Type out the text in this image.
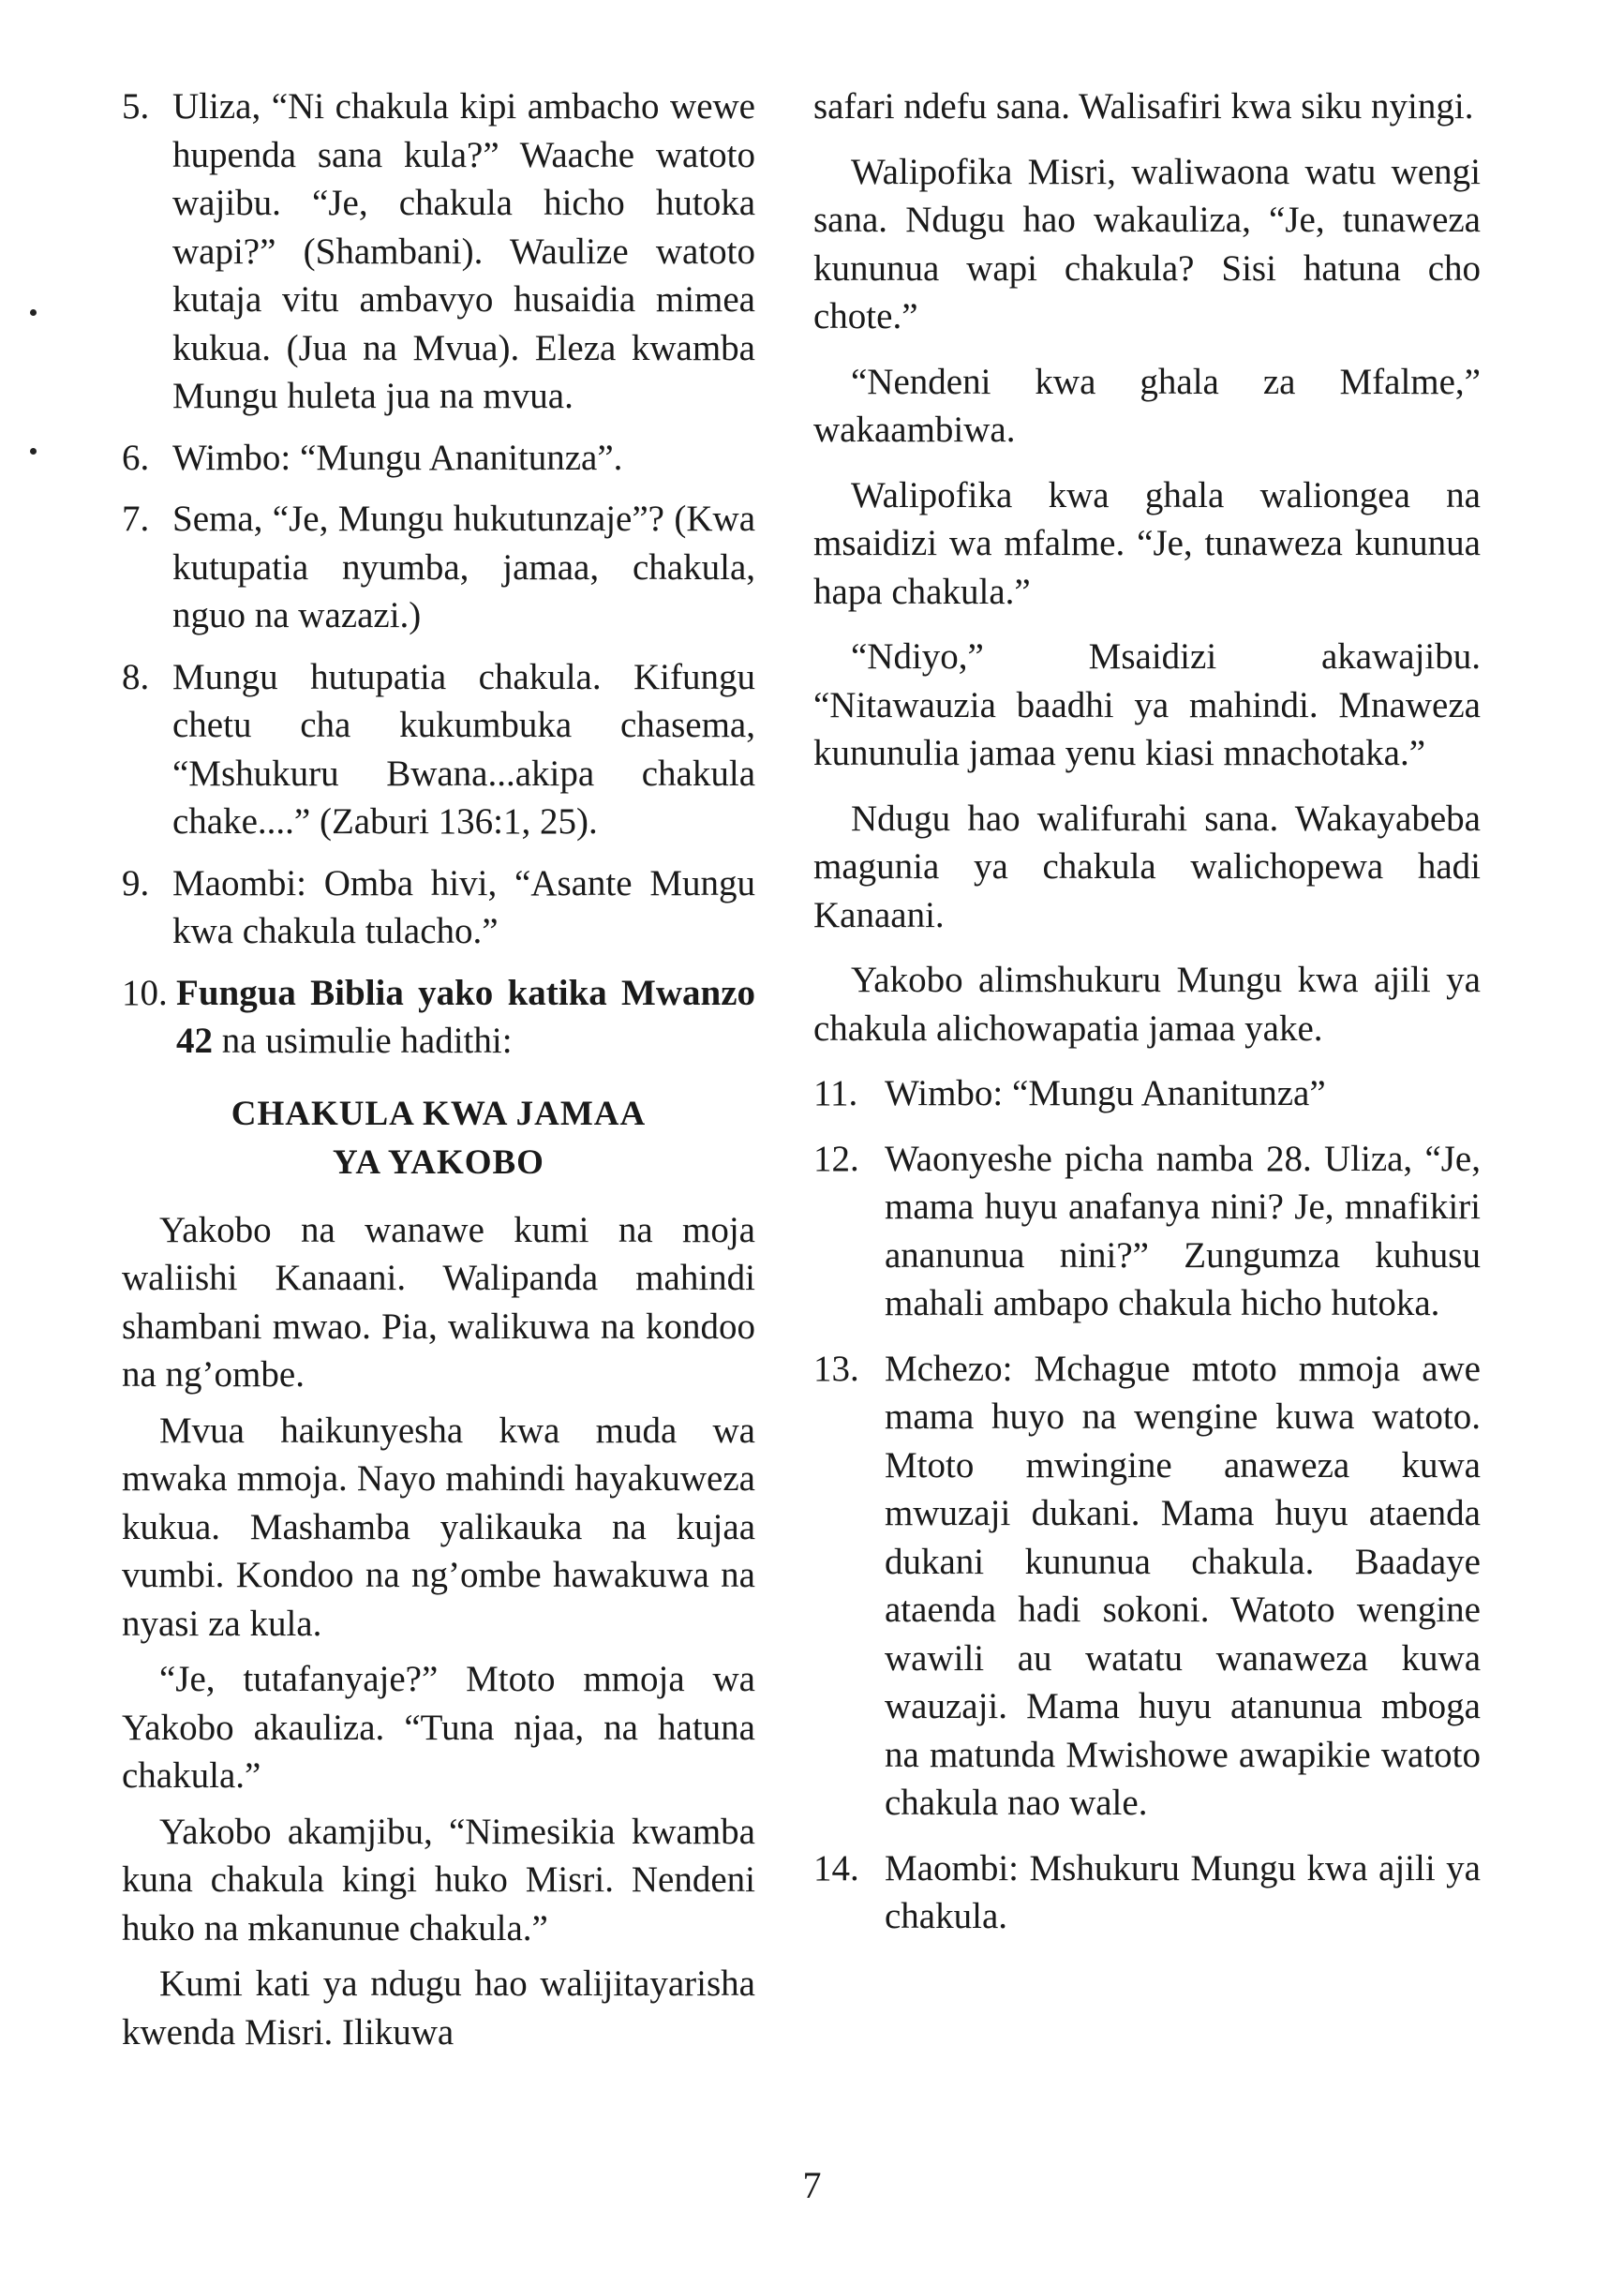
5. Uliza, “Ni chakula kipi ambacho wewe hupenda sana kula?” Waache watoto wajibu. “Je, chakula hicho hutoka wapi?” (Shambani). Waulize watoto kutaja vitu ambavyo husaidia mimea kukua. (Jua na Mvua). Eleza kwamba Mungu huleta jua na mvua.
6. Wimbo: “Mungu Ananitunza”.
7. Sema, “Je, Mungu hukutunzaje”? (Kwa kutupatia nyumba, jamaa, chakula, nguo na wazazi.)
8. Mungu hutupatia chakula. Kifungu chetu cha kukumbuka chasema, “Mshukuru Bwana...akipa chakula chake....” (Zaburi 136:1, 25).
9. Maombi: Omba hivi, “Asante Mungu kwa chakula tulacho.”
10. Fungua Biblia yako katika Mwanzo 42 na usimulie hadithi:
CHAKULA KWA JAMAA YA YAKOBO

Yakobo na wanawe kumi na moja waliishi Kanaani. Walipanda mahindi shambani mwao. Pia, walikuwa na kondoo na ng’ombe.

Mvua haikunyesha kwa muda wa mwaka mmoja. Nayo mahindi hayakuweza kukua. Mashamba yalikauka na kujaa vumbi. Kondoo na ng’ombe hawakuwa na nyasi za kula.

“Je, tutafanyaje?” Mtoto mmoja wa Yakobo akauliza. “Tuna njaa, na hatuna chakula.”

Yakobo akamjibu, “Nimesikia kwamba kuna chakula kingi huko Misri. Nendeni huko na mkanunue chakula.”

Kumi kati ya ndugu hao walijitayarisha kwenda Misri. Ilikuwa

safari ndefu sana. Walisafiri kwa siku nyingi.

Walipofika Misri, waliwaona watu wengi sana. Ndugu hao wakauliza, “Je, tunaweza kununua wapi chakula? Sisi hatuna cho chote.”

“Nendeni kwa ghala za Mfalme,” wakaambiwa.

Walipofika kwa ghala waliongea na msaidizi wa mfalme. “Je, tunaweza kununua hapa chakula.”

“Ndiyo,” Msaidizi akawajibu. “Nitawauzia baadhi ya mahindi. Mnaweza kununulia jamaa yenu kiasi mnachotaka.”

Ndugu hao walifurahi sana. Wakayabeba magunia ya chakula walichopewa hadi Kanaani.

Yakobo alimshukuru Mungu kwa ajili ya chakula alichowapatia jamaa yake.

11. Wimbo: “Mungu Ananitunza”
12. Waonyeshe picha namba 28. Uliza, “Je, mama huyu anafanya nini? Je, mnafikiri ananunua nini?” Zungumza kuhusu mahali ambapo chakula hicho hutoka.
13. Mchezo: Mchague mtoto mmoja awe mama huyo na wengine kuwa watoto. Mtoto mwingine anaweza kuwa mwuzaji dukani. Mama huyu ataenda dukani kununua chakula. Baadaye ataenda hadi sokoni. Watoto wengine wawili au watatu wanaweza kuwa wauzaji. Mama huyu atanunua mboga na matunda Mwishowe awapikie watoto chakula nao wale.
14. Maombi: Mshukuru Mungu kwa ajili ya chakula.
7
